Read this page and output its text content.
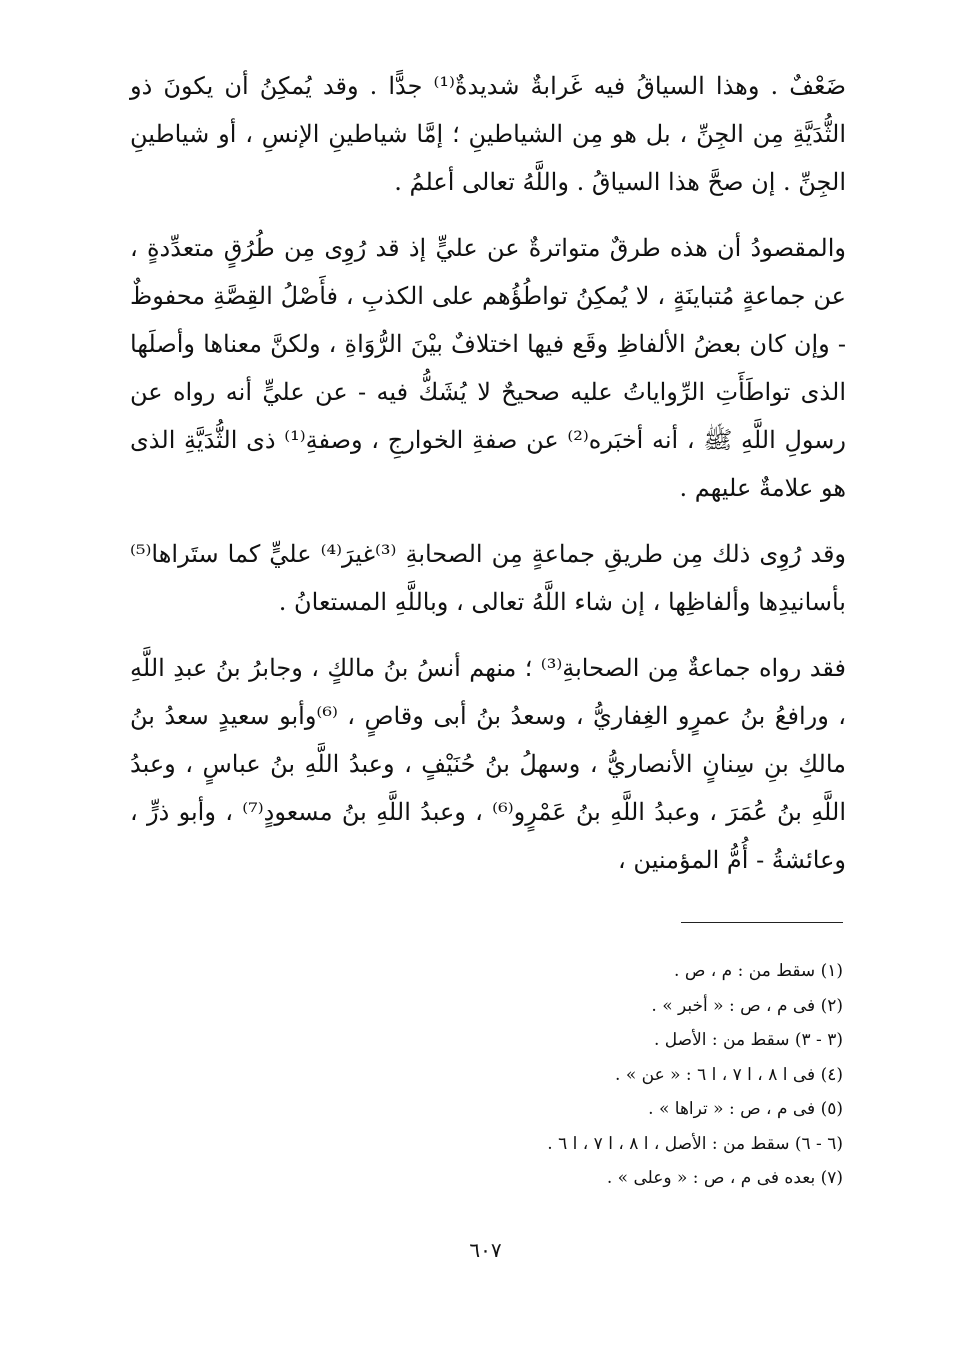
ضَعْفٌ . وهذا السياقُ فيه غَرابةٌ شديدةٌ⁽¹⁾ جدًّا . وقد يُمكِنُ أن يكونَ ذو الثُّدَيَّةِ مِن الجِنِّ ، بل هو مِن الشياطينِ ؛ إمَّا شياطينِ الإنسِ ، أو شياطينِ الجِنِّ . إن صحَّ هذا السياقُ . واللَّهُ تعالى أعلمُ .

والمقصودُ أن هذه طرقٌ متواترةٌ عن عليٍّ إذ قد رُوِى مِن طُرُقٍ متعدِّدةٍ ، عن جماعةٍ مُتباينَةٍ ، لا يُمكِنُ تواطُؤُهم على الكذبِ ، فأَصْلُ القِصَّةِ محفوظٌ - وإن كان بعضُ الألفاظِ وقَع فيها اختلافٌ بيْنَ الرُّوَاةِ ، ولكنَّ معناها وأصلَها الذى تواطَأَتِ الرِّواياتُ عليه صحيحٌ لا يُشَكُّ فيه - عن عليٍّ أنه رواه عن رسولِ اللَّهِ ﷺ ، أنه أخبَره⁽²⁾ عن صفةِ الخوارجِ ، وصفةِ⁽¹⁾ ذى الثُّدَيَّةِ الذى هو علامةٌ عليهم .

وقد رُوِى ذلك مِن طريقِ جماعةٍ مِن الصحابةِ ⁽³⁾غيرَ⁽⁴⁾ عليٍّ كما ستَراها⁽⁵⁾ بأسانيدِها وألفاظِها ، إن شاء اللَّهُ تعالى ، وباللَّهِ المستعانُ .

فقد رواه جماعةٌ مِن الصحابةِ⁽³⁾ ؛ منهم أنسُ بنُ مالكٍ ، وجابرُ بنُ عبدِ اللَّهِ ، ورافعُ بنُ عمرٍو الغِفاريُّ ، وسعدُ بنُ أبى وقاصٍ ، ⁽⁶⁾وأبو سعيدٍ سعدُ بنُ مالكِ بنِ سِنانٍ الأنصاريُّ ، وسهلُ بنُ حُنَيْفٍ ، وعبدُ اللَّهِ بنُ عباسٍ ، وعبدُ اللَّهِ بنُ عُمَرَ ، وعبدُ اللَّهِ بنُ عَمْرٍو⁽⁶⁾ ، وعبدُ اللَّهِ بنُ مسعودٍ⁽⁷⁾ ، وأبو ذرٍّ ، وعائشةُ - أُمُّ المؤمنين ،

(١) سقط من : م ، ص .
(٢) فى م ، ص : « أخبر » .
(٣ - ٣) سقط من : الأصل .
(٤) فى ا ٨ ، ا ٧ ، ا ٦ : « عن » .
(٥) فى م ، ص : « تراها » .
(٦ - ٦) سقط من : الأصل ، ا ٨ ، ا ٧ ، ا ٦ .
(٧) بعده فى م ، ص : « وعلى » .
٦٠٧
